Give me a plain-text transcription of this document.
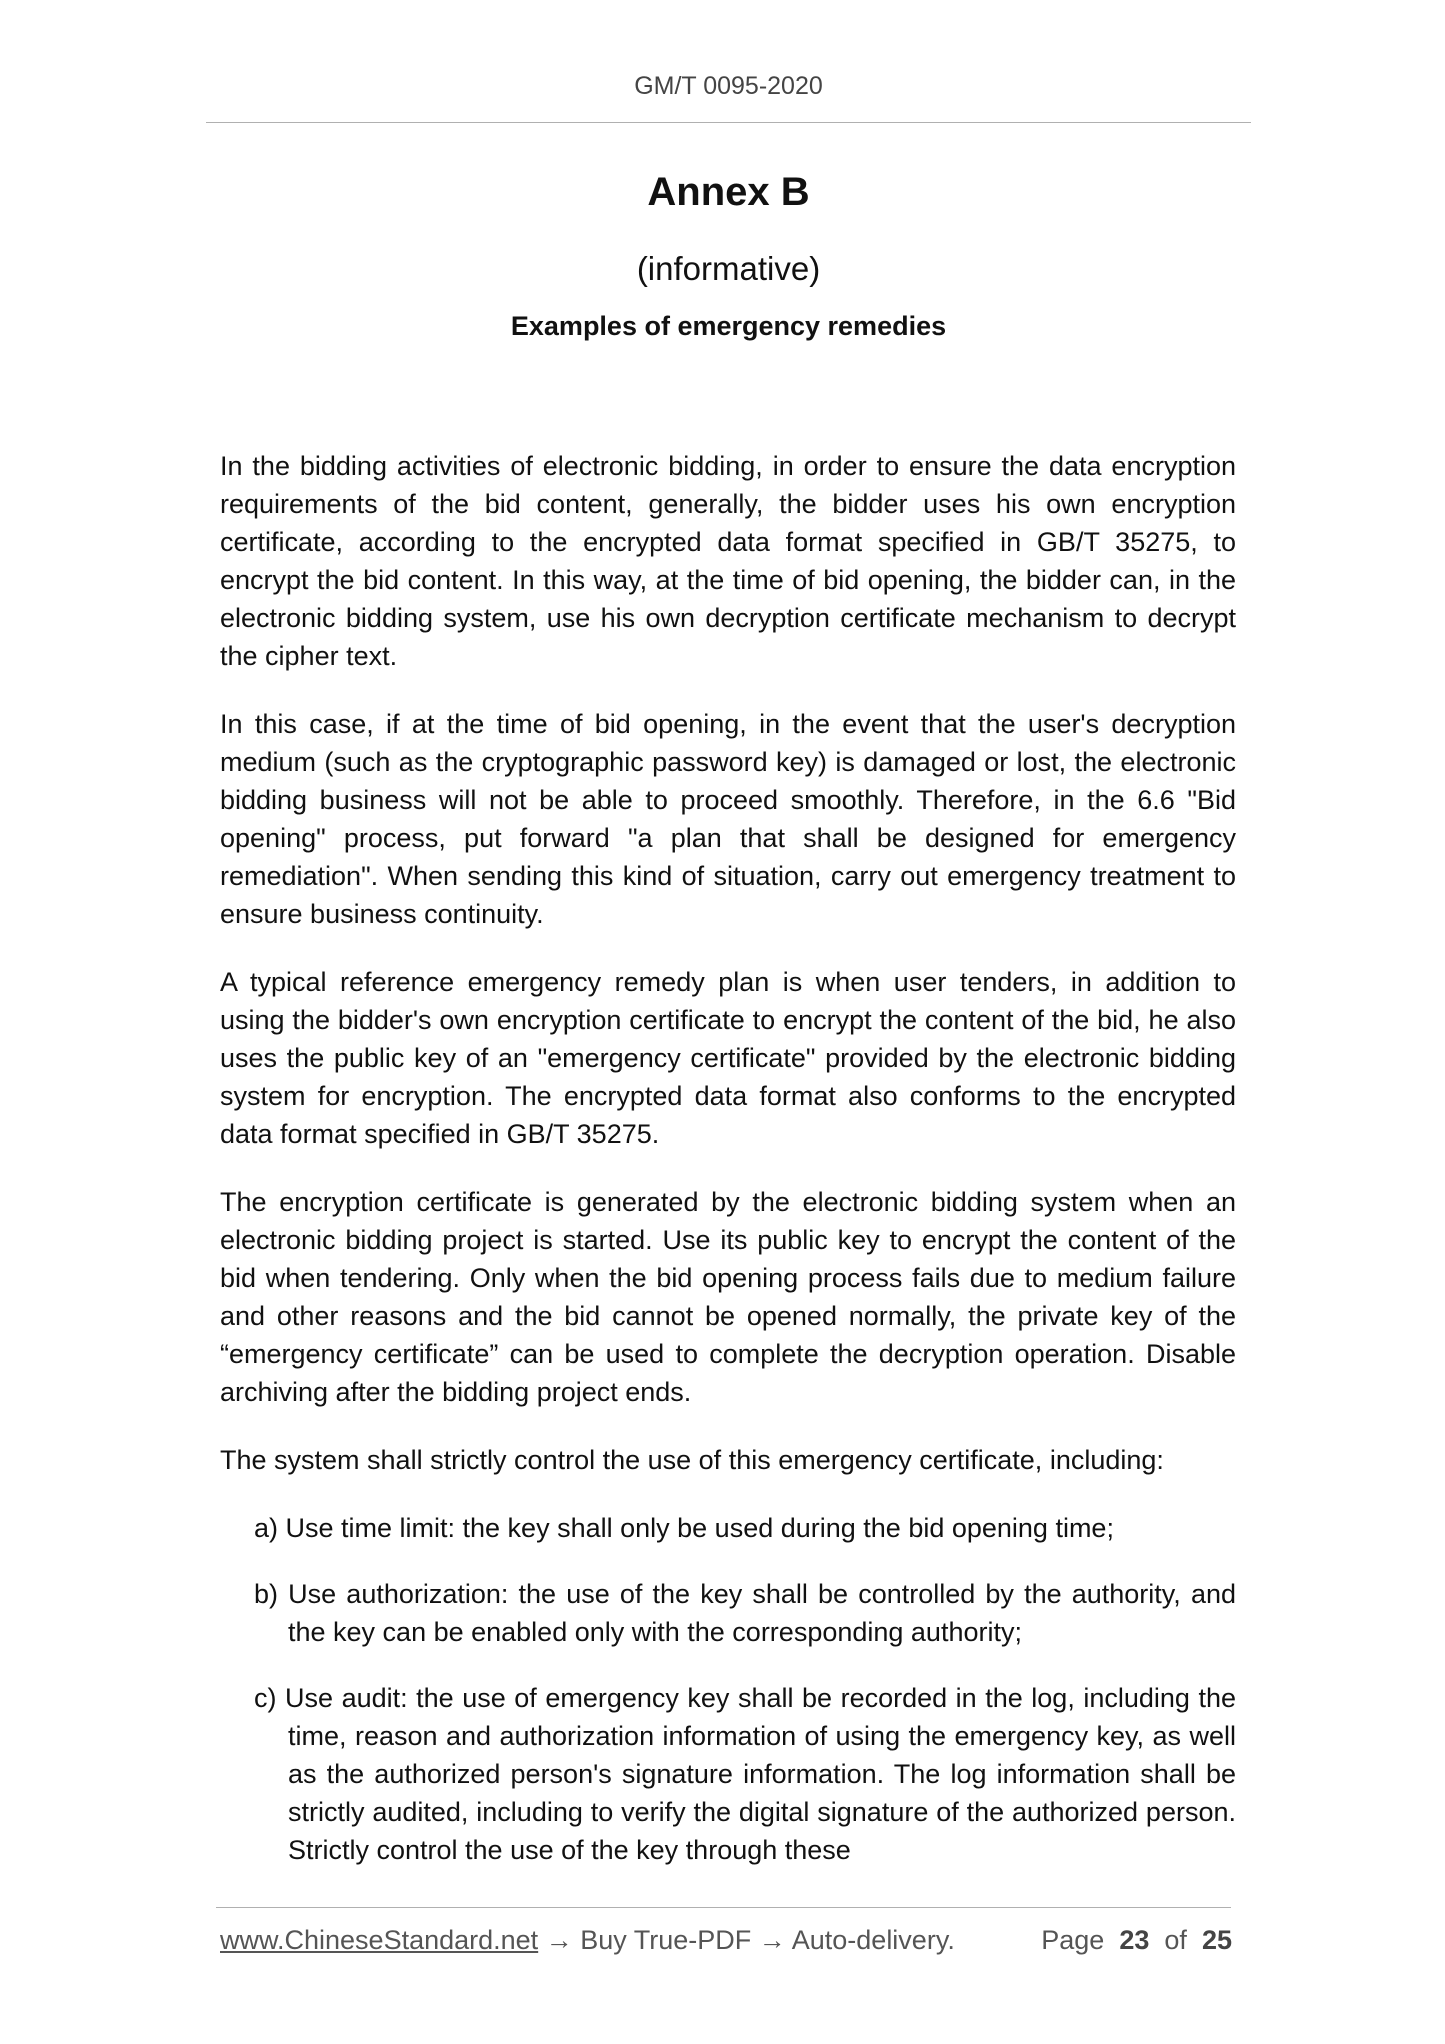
GM/T 0095-2020
Annex B
(informative)
Examples of emergency remedies

In the bidding activities of electronic bidding, in order to ensure the data encryption requirements of the bid content, generally, the bidder uses his own encryption certificate, according to the encrypted data format specified in GB/T 35275, to encrypt the bid content. In this way, at the time of bid opening, the bidder can, in the electronic bidding system, use his own decryption certificate mechanism to decrypt the cipher text.

In this case, if at the time of bid opening, in the event that the user's decryption medium (such as the cryptographic password key) is damaged or lost, the electronic bidding business will not be able to proceed smoothly. Therefore, in the 6.6 "Bid opening" process, put forward "a plan that shall be designed for emergency remediation". When sending this kind of situation, carry out emergency treatment to ensure business continuity.

A typical reference emergency remedy plan is when user tenders, in addition to using the bidder's own encryption certificate to encrypt the content of the bid, he also uses the public key of an "emergency certificate" provided by the electronic bidding system for encryption. The encrypted data format also conforms to the encrypted data format specified in GB/T 35275.

The encryption certificate is generated by the electronic bidding system when an electronic bidding project is started. Use its public key to encrypt the content of the bid when tendering. Only when the bid opening process fails due to medium failure and other reasons and the bid cannot be opened normally, the private key of the “emergency certificate” can be used to complete the decryption operation. Disable archiving after the bidding project ends.

The system shall strictly control the use of this emergency certificate, including:

a) Use time limit: the key shall only be used during the bid opening time;
b) Use authorization: the use of the key shall be controlled by the authority, and the key can be enabled only with the corresponding authority;
c) Use audit: the use of emergency key shall be recorded in the log, including the time, reason and authorization information of using the emergency key, as well as the authorized person's signature information. The log information shall be strictly audited, including to verify the digital signature of the authorized person. Strictly control the use of the key through these
www.ChineseStandard.net → Buy True-PDF → Auto-delivery.	Page 23 of 25
